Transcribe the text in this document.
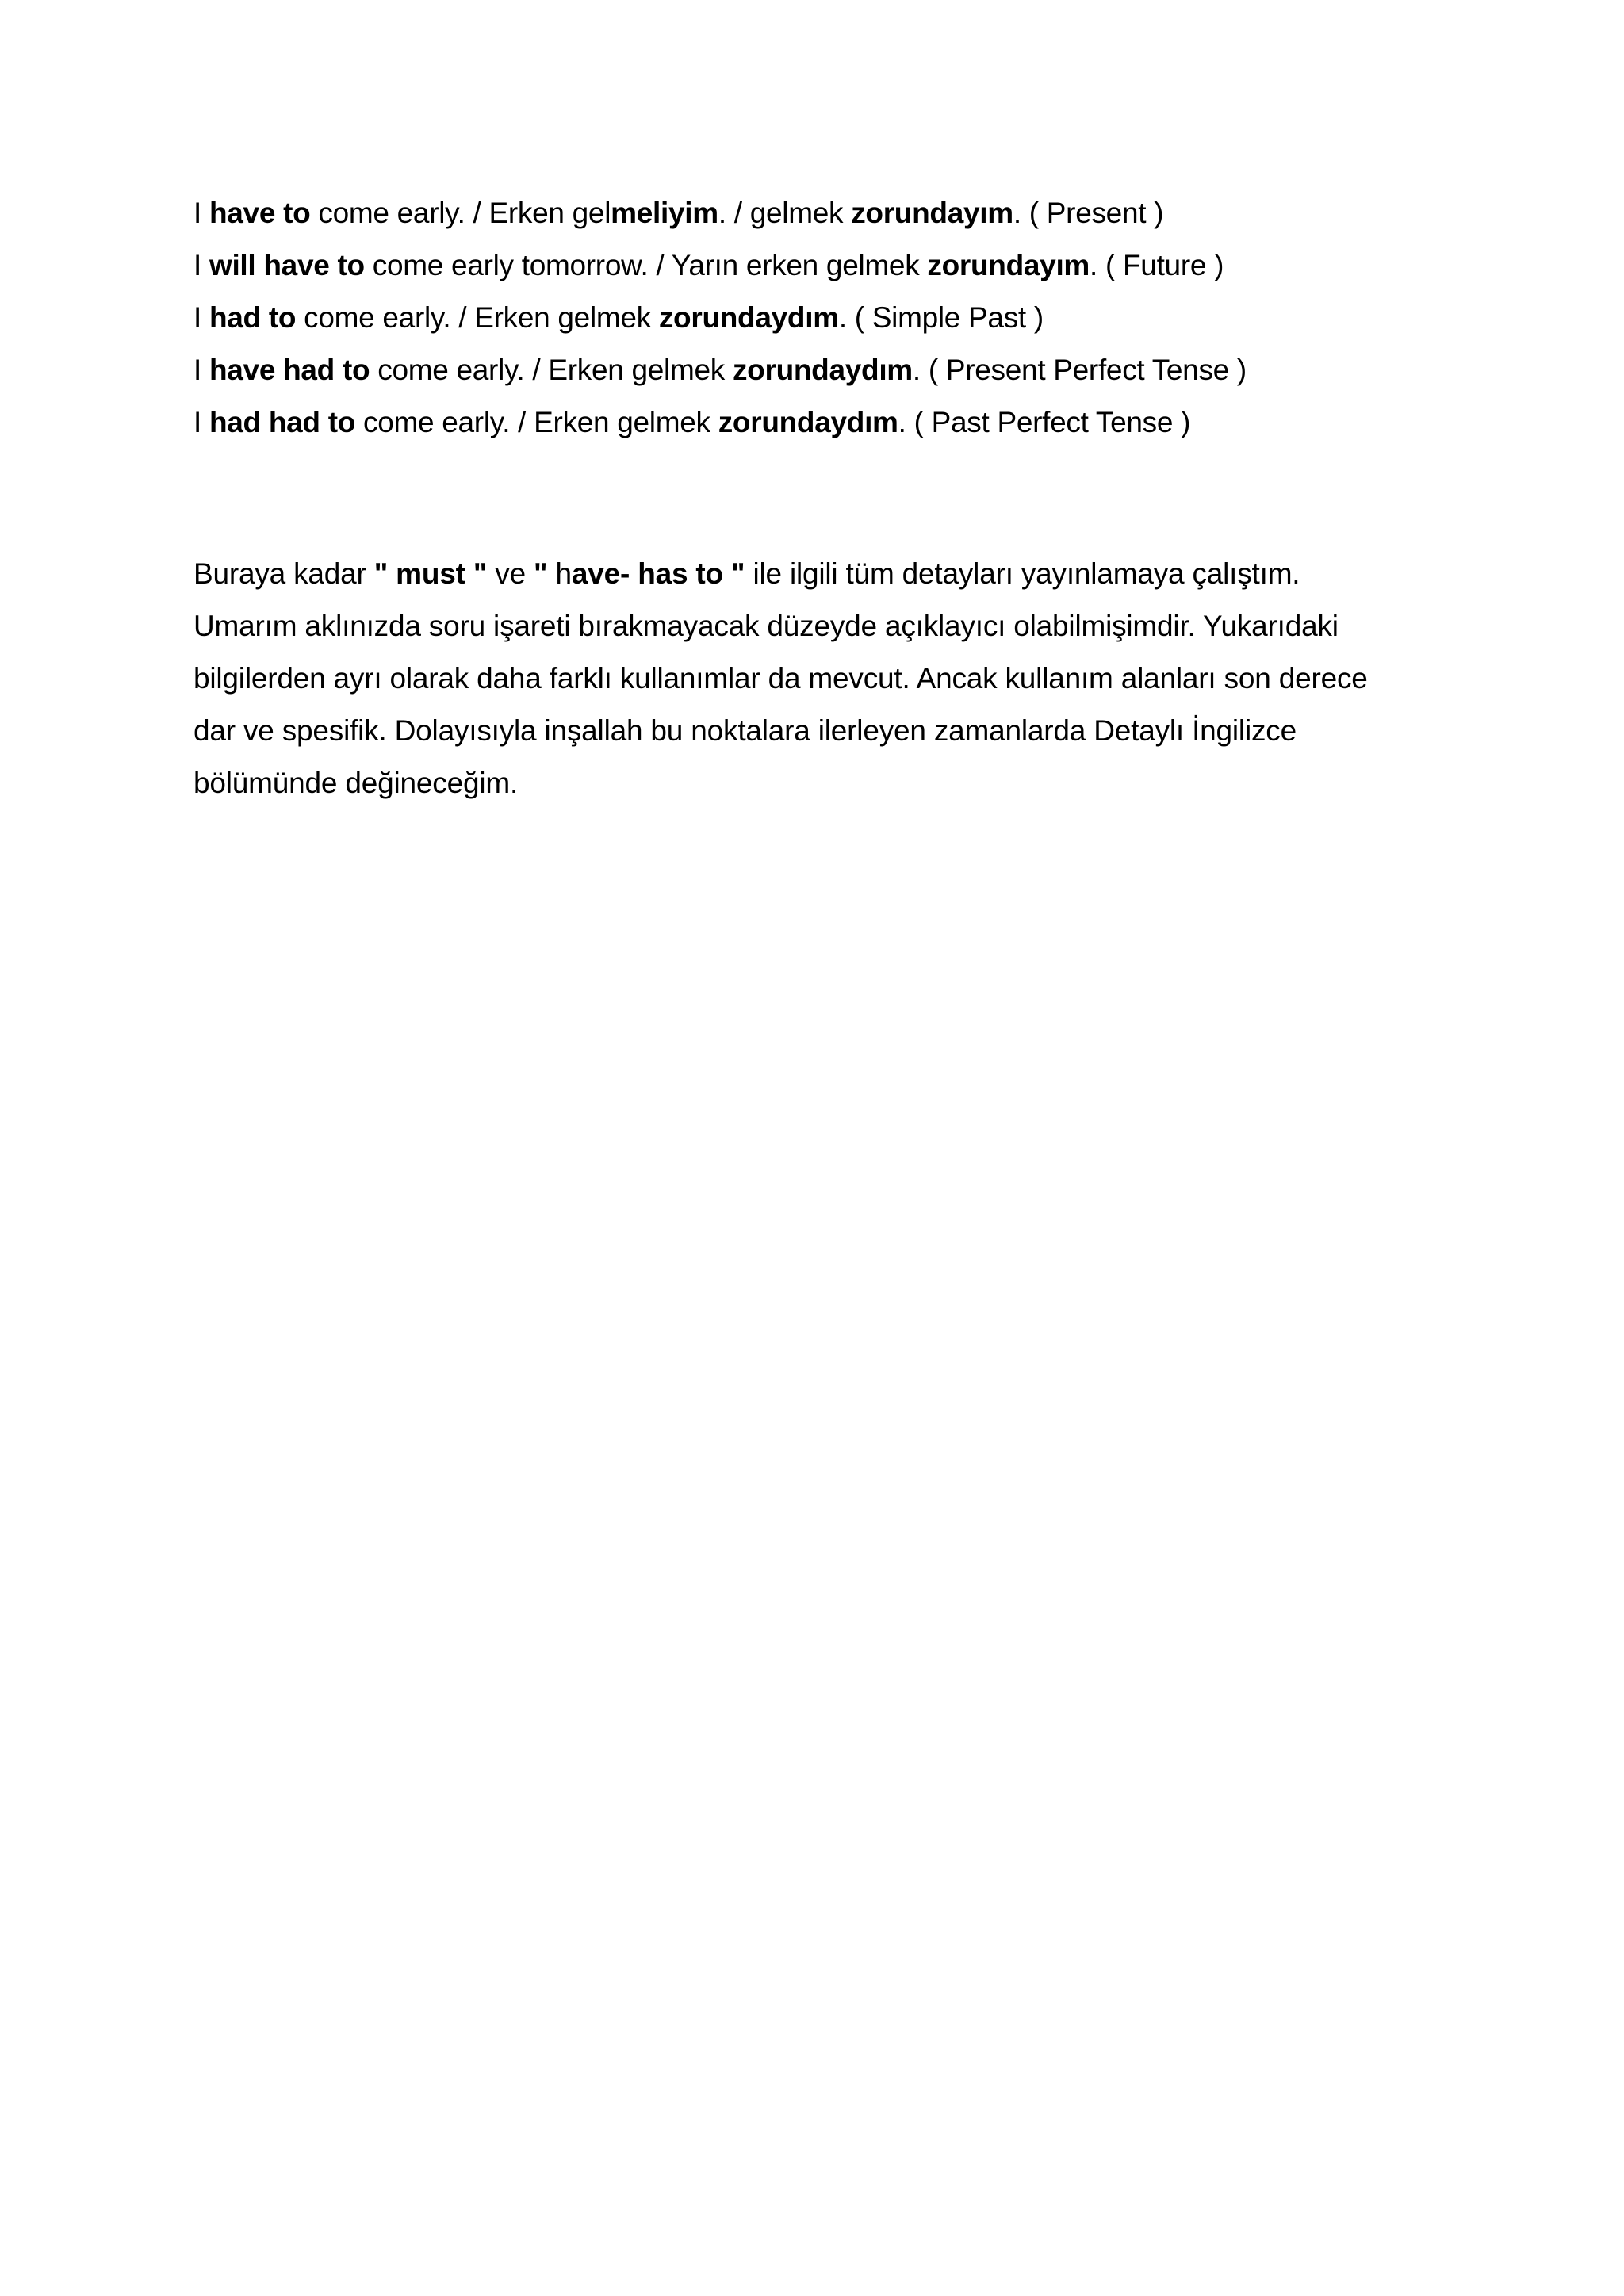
I have to come early. / Erken gelmeliyim. / gelmek zorundayım. ( Present )
I will have to come early tomorrow. / Yarın erken gelmek zorundayım. ( Future )
I had to come early. / Erken gelmek zorundaydım. ( Simple Past )
I have had to come early. / Erken gelmek zorundaydım. ( Present Perfect Tense )
I had had to come early. / Erken gelmek zorundaydım. ( Past Perfect Tense )

Buraya kadar " must " ve " have- has to " ile ilgili tüm detayları yayınlamaya çalıştım.
Umarım aklınızda soru işareti bırakmayacak düzeyde açıklayıcı olabilmişimdir. Yukarıdaki
bilgilerden ayrı olarak daha farklı kullanımlar da mevcut. Ancak kullanım alanları son derece
dar ve spesifik. Dolayısıyla inşallah bu noktalara ilerleyen zamanlarda Detaylı İngilizce
bölümünde değineceğim.
